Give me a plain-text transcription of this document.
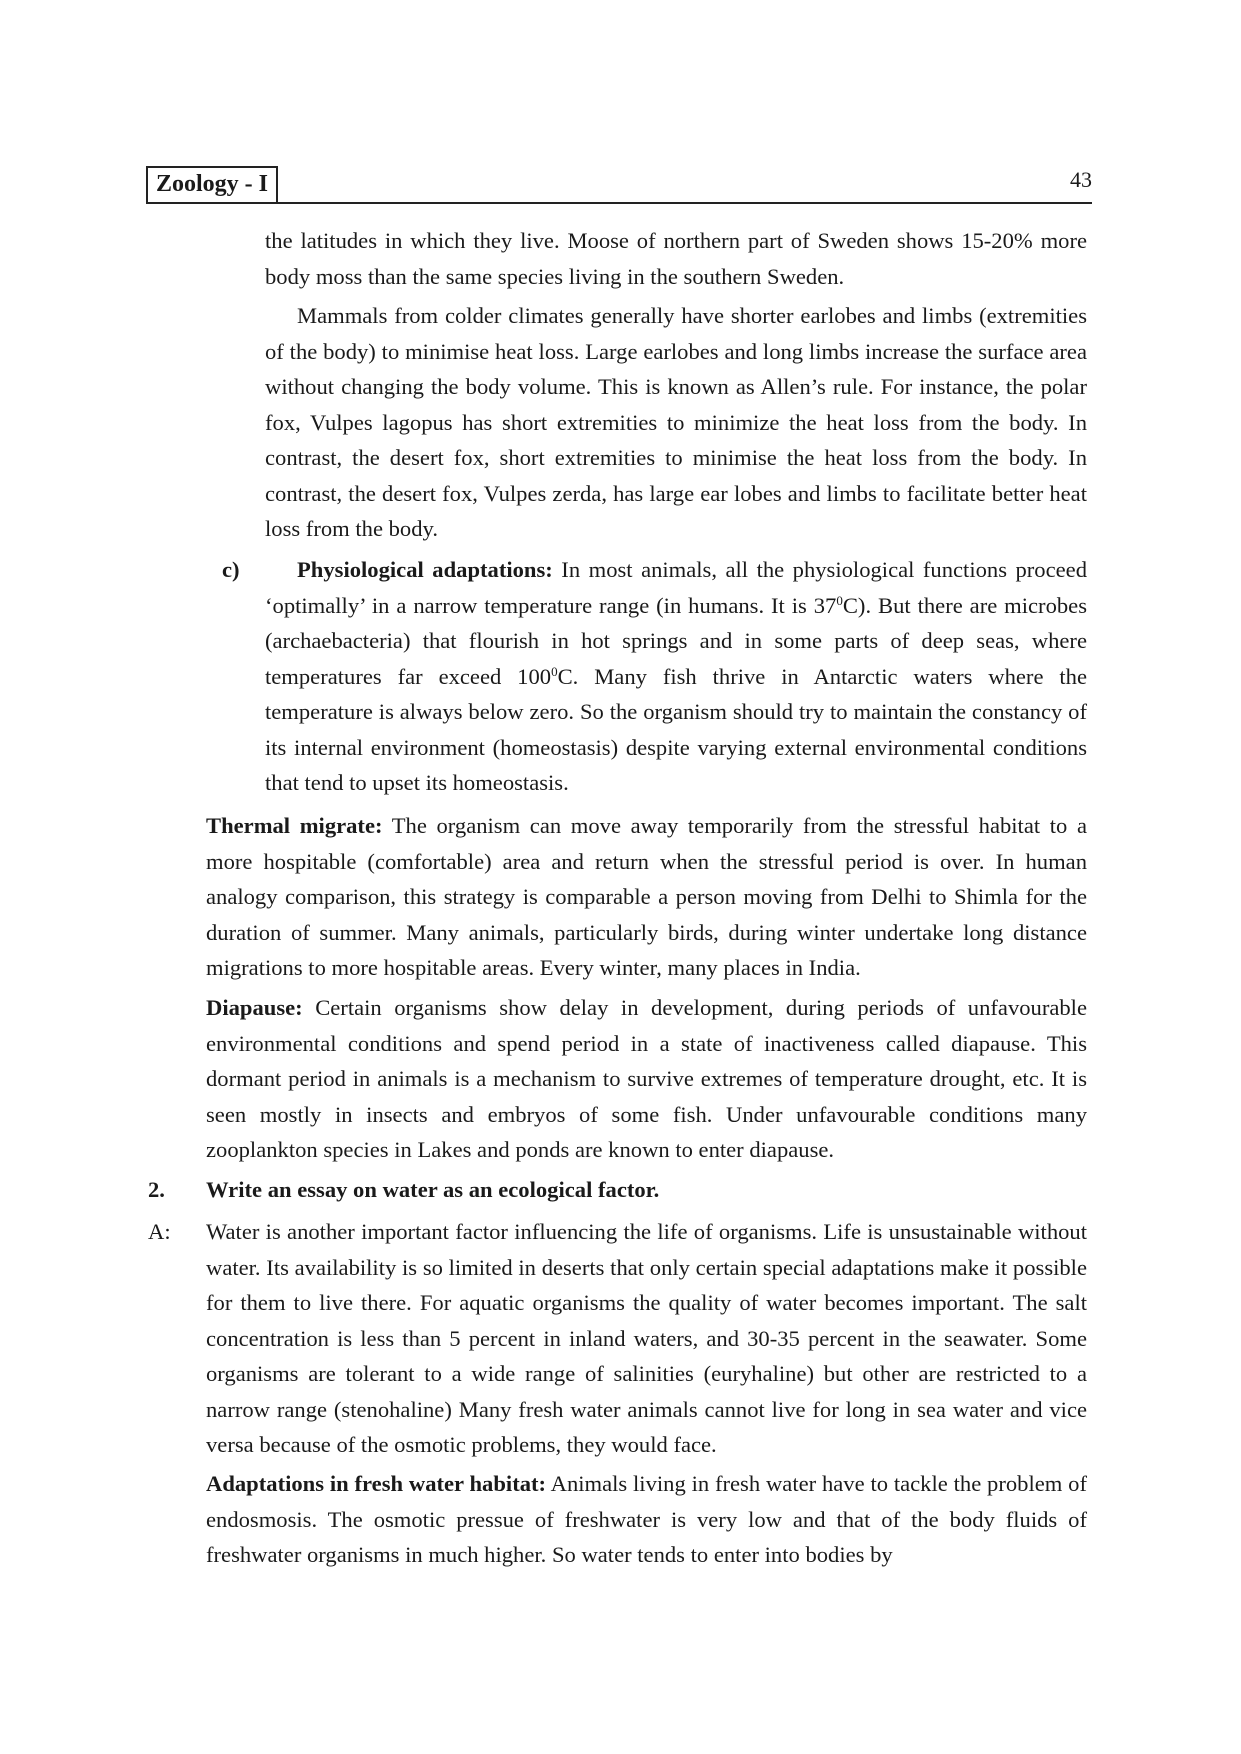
Zoology - I	43

the latitudes in which they live. Moose of northern part of Sweden shows 15-20% more body moss than the same species living in the southern Sweden.

Mammals from colder climates generally have shorter earlobes and limbs (extremities of the body) to minimise heat loss. Large earlobes and long limbs increase the surface area without changing the body volume. This is known as Allen’s rule. For instance, the polar fox, Vulpes lagopus has short extremities to minimize the heat loss from the body. In contrast, the desert fox, short extremities to minimise the heat loss from the body. In contrast, the desert fox, Vulpes zerda, has large ear lobes and limbs to facilitate better heat loss from the body.

c)	Physiological adaptations: In most animals, all the physiological functions proceed ‘optimally’ in a narrow temperature range (in humans. It is $37^0C$). But there are microbes (archaebacteria) that flourish in hot springs and in some parts of deep seas, where temperatures far exceed $100^0C$. Many fish thrive in Antarctic waters where the temperature is always below zero. So the organism should try to maintain the constancy of its internal environment (homeostasis) despite varying external environmental conditions that tend to upset its homeostasis.

Thermal migrate: The organism can move away temporarily from the stressful habitat to a more hospitable (comfortable) area and return when the stressful period is over. In human analogy comparison, this strategy is comparable a person moving from Delhi to Shimla for the duration of summer. Many animals, particularly birds, during winter undertake long distance migrations to more hospitable areas. Every winter, many places in India.

Diapause: Certain organisms show delay in development, during periods of unfavourable environmental conditions and spend period in a state of inactiveness called diapause. This dormant period in animals is a mechanism to survive extremes of temperature drought, etc. It is seen mostly in insects and embryos of some fish. Under unfavourable conditions many zooplankton species in Lakes and ponds are known to enter diapause.

2. Write an essay on water as an ecological factor.

A: Water is another important factor influencing the life of organisms. Life is unsustainable without water. Its availability is so limited in deserts that only certain special adaptations make it possible for them to live there. For aquatic organisms the quality of water becomes important. The salt concentration is less than 5 percent in inland waters, and 30-35 percent in the seawater. Some organisms are tolerant to a wide range of salinities (euryhaline) but other are restricted to a narrow range (stenohaline) Many fresh water animals cannot live for long in sea water and vice versa because of the osmotic problems, they would face.

Adaptations in fresh water habitat: Animals living in fresh water have to tackle the problem of endosmosis. The osmotic pressue of freshwater is very low and that of the body fluids of freshwater organisms in much higher. So water tends to enter into bodies by
